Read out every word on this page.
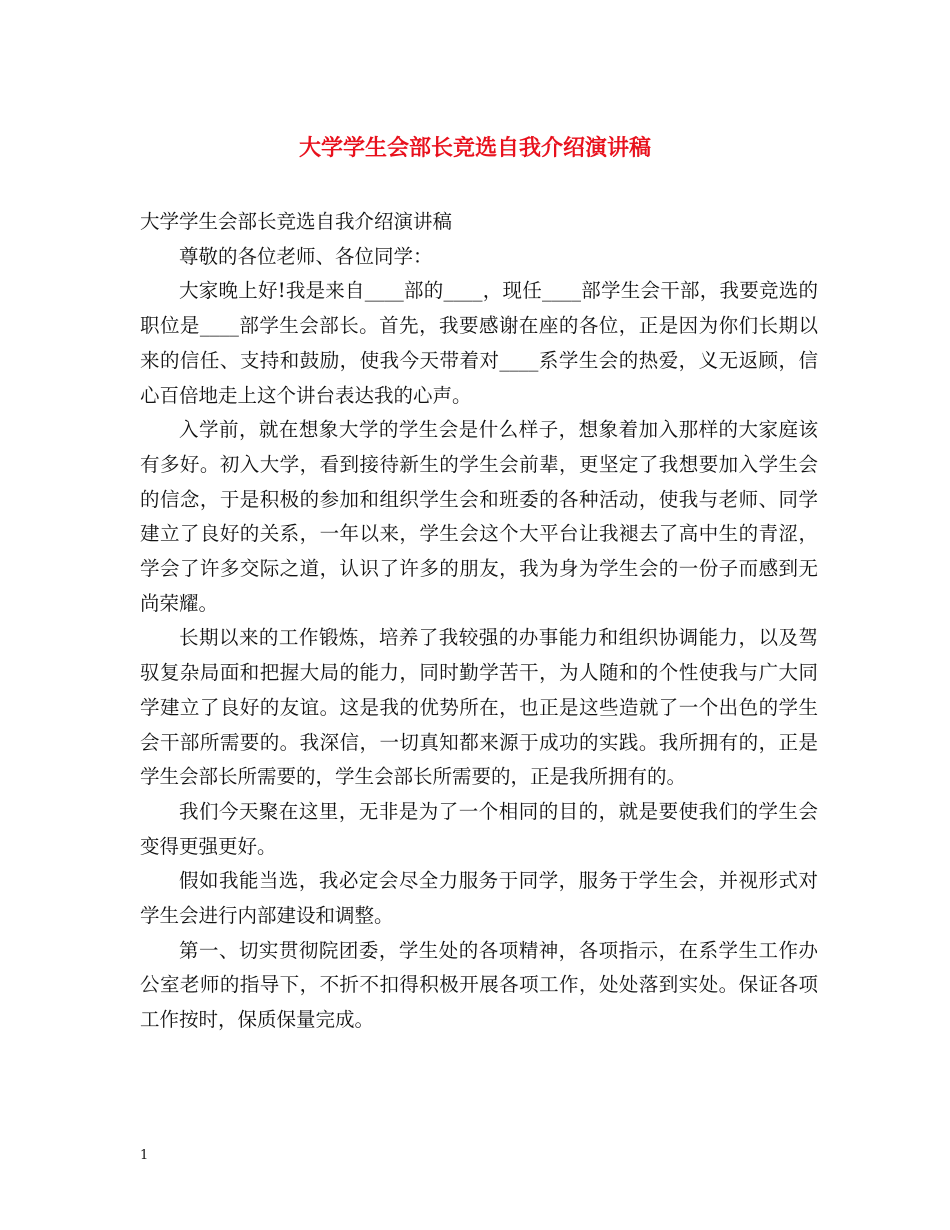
大学学生会部长竞选自我介绍演讲稿

大学学生会部长竞选自我介绍演讲稿

尊敬的各位老师、各位同学：

大家晚上好!我是来自____部的____，现任____部学生会干部，我要竞选的职位是____部学生会部长。首先，我要感谢在座的各位，正是因为你们长期以来的信任、支持和鼓励，使我今天带着对____系学生会的热爱，义无返顾，信心百倍地走上这个讲台表达我的心声。

入学前，就在想象大学的学生会是什么样子，想象着加入那样的大家庭该有多好。初入大学，看到接待新生的学生会前辈，更坚定了我想要加入学生会的信念，于是积极的参加和组织学生会和班委的各种活动，使我与老师、同学建立了良好的关系，一年以来，学生会这个大平台让我褪去了高中生的青涩，学会了许多交际之道，认识了许多的朋友，我为身为学生会的一份子而感到无尚荣耀。

长期以来的工作锻炼，培养了我较强的办事能力和组织协调能力，以及驾驭复杂局面和把握大局的能力，同时勤学苦干，为人随和的个性使我与广大同学建立了良好的友谊。这是我的优势所在，也正是这些造就了一个出色的学生会干部所需要的。我深信，一切真知都来源于成功的实践。我所拥有的，正是学生会部长所需要的，学生会部长所需要的，正是我所拥有的。

我们今天聚在这里，无非是为了一个相同的目的，就是要使我们的学生会变得更强更好。

假如我能当选，我必定会尽全力服务于同学，服务于学生会，并视形式对学生会进行内部建设和调整。

第一、切实贯彻院团委，学生处的各项精神，各项指示，在系学生工作办公室老师的指导下，不折不扣得积极开展各项工作，处处落到实处。保证各项工作按时，保质保量完成。

1
